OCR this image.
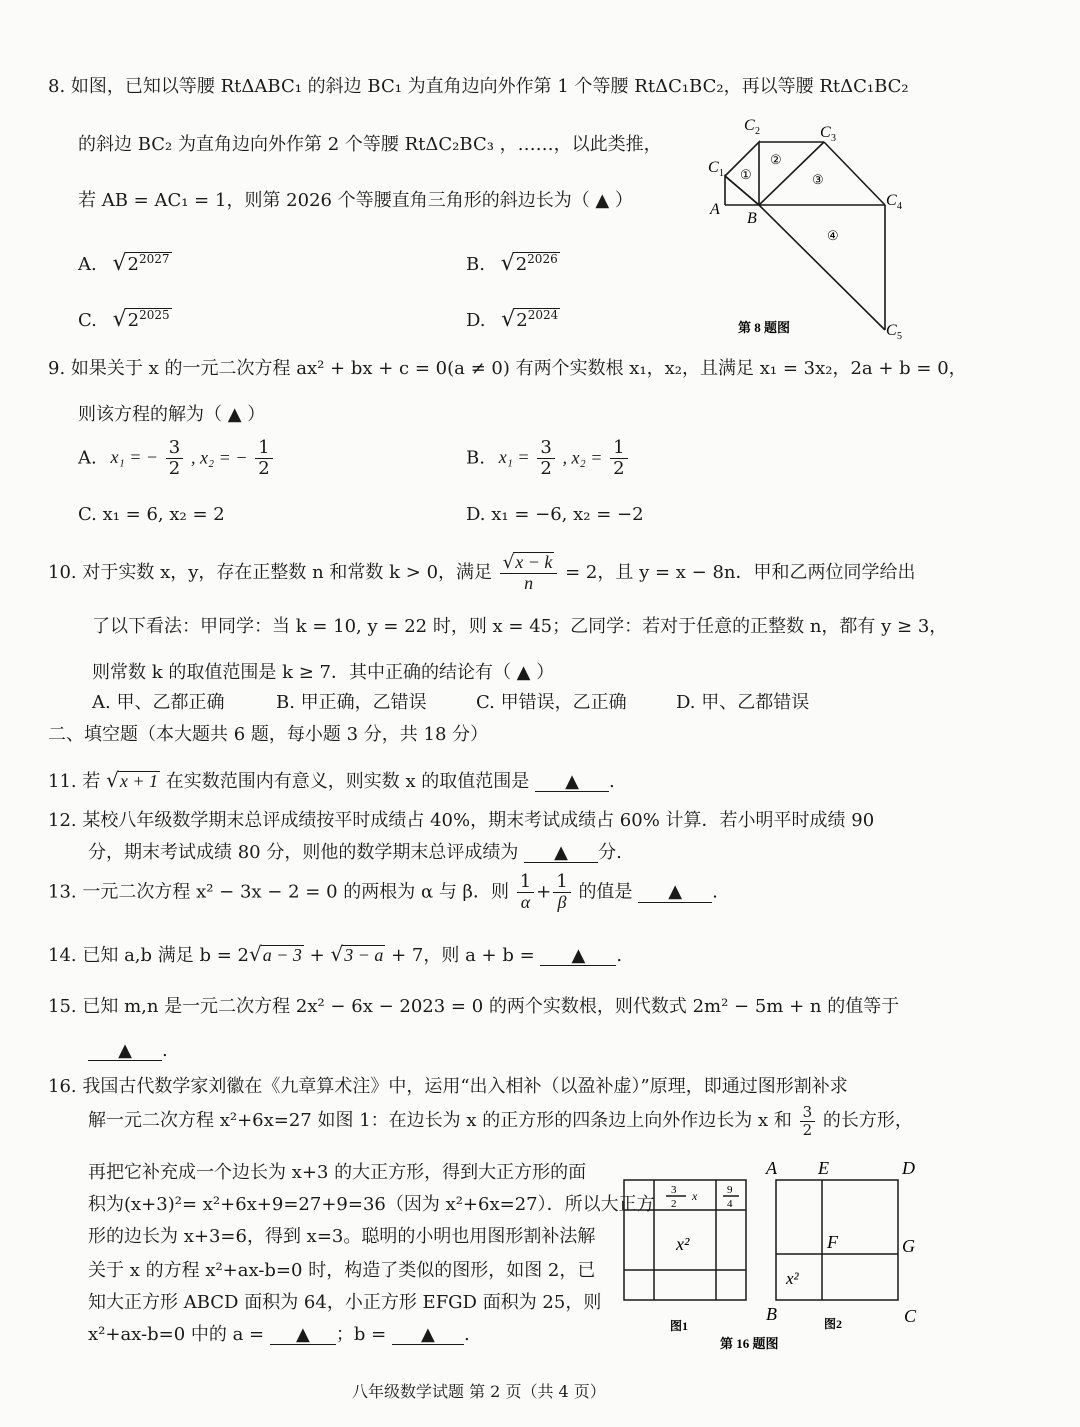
8. 如图，已知以等腰 RtΔABC₁ 的斜边 BC₁ 为直角边向外作第 1 个等腰 RtΔC₁BC₂，再以等腰 RtΔC₁BC₂
的斜边 BC₂ 为直角边向外作第 2 个等腰 RtΔC₂BC₃ ，……，以此类推，
若 AB = AC₁ = 1，则第 2026 个等腰直角三角形的斜边长为（ ▲ ）
A. $√2^{2027}$	B. $√2^{2026}$
C. $√2^{2025}$	D. $√2^{2024}$
A
B
C 1
C 2	C 3
C 4
C 5
①
②
③
④
第 8 题图
9. 如果关于 x 的一元二次方程 ax² + bx + c = 0(a ≠ 0) 有两个实数根 x₁，x₂，且满足 x₁ = 3x₂，2a + b = 0，
则该方程的解为（ ▲ ）
A. x₁ = − $\frac{3}{2}$ , x₂ = − $\frac{1}{2}$	B. $x_1 = \frac{3}{2}$ , $x_2 = \frac{1}{2}$
C. x₁ = 6, x₂ = 2	D. x₁ = −6, x₂ = −2
10. 对于实数 x，y，存在正整数 n 和常数 k > 0，满足 $\frac{√x - k}{n} = 2$，且 y = x − 8n．甲和乙两位同学给出
了以下看法：甲同学：当 k = 10, y = 22 时，则 x = 45；乙同学：若对于任意的正整数 n，都有 y ≥ 3，
则常数 k 的取值范围是 k ≥ 7．其中正确的结论有（ ▲ ）
A. 甲、乙都正确	B. 甲正确，乙错误	C. 甲错误，乙正确	D. 甲、乙都错误
二、填空题（本大题共 6 题，每小题 3 分，共 18 分）
11. 若 √x + 1 在实数范围内有意义，则实数 x 的取值范围是 ▲ .
12. 某校八年级数学期末总评成绩按平时成绩占 40%，期末考试成绩占 60% 计算．若小明平时成绩 90
分，期末考试成绩 80 分，则他的数学期末总评成绩为 ▲ 分.
13. 一元二次方程 x² − 3x − 2 = 0 的两根为 α 与 β．则 $\frac{1}{\alpha} + \frac{1}{\beta}$ 的值是 ▲ .
14. 已知 a,b 满足 b = 2√a − 3 + √3 − a + 7，则 a + b = ▲ .
15. 已知 m,n 是一元二次方程 2x² − 6x − 2023 = 0 的两个实数根，则代数式 2m² − 5m + n 的值等于
▲ .
16. 我国古代数学家刘徽在《九章算术注》中，运用“出入相补（以盈补虚）”原理，即通过图形割补求
解一元二次方程 x²+6x=27 如图 1：在边长为 x 的正方形的四条边上向外作边长为 x 和 $\frac{3}{2}$ 的长方形，
再把它补充成一个边长为 x+3 的大正方形，得到大正方形的面
积为(x+3)²= x²+6x+9=27+9=36（因为 x²+6x=27）．所以大正方
形的边长为 x+3=6，得到 x=3。聪明的小明也用图形割补法解
关于 x 的方程 x²+ax-b=0 时，构造了类似的图形，如图 2，已
知大正方形 ABCD 面积为 64，小正方形 EFGD 面积为 25，则
x²+ax-b=0 中的 a = ▲ ；b = ▲ .
3
2
x	9
4
x²
图1
A E	D
F	G
B	C
x²
图2
第 16 题图
八年级数学试题 第 2 页（共 4 页）
